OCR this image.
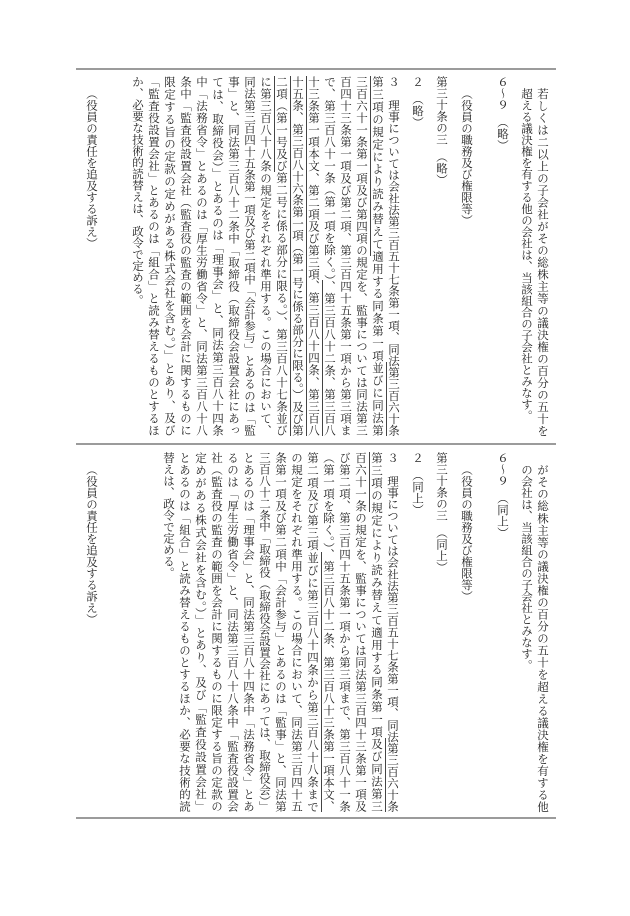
若しくは二以上の子会社がその総株主等の議決権の百分の五十を
超える議決権を有する他の会社は、当該組合の子会社とみなす。
６～９　（略）
（役員の職務及び権限等）
第三十条の三　（略）
２　（略）
３　理事については会社法第三百五十七条第一項、同法第三百六十条
第三項の規定により読み替えて適用する同条第一項並びに同法第
三百六十一条第一項及び第四項の規定を、監事については同法第三
百四十三条第一項及び第二項、第三百四十五条第一項から第三項ま
で、第三百八十一条（第一項を除く。）、第三百八十二条、第三百八
十三条第一項本文、第二項及び第三項、第三百八十四条、第三百八
十五条、第三百八十六条第一項（第一号に係る部分に限る。）及び第
二項（第一号及び第二号に係る部分に限る。）、第三百八十七条並び
に第三百八十八条の規定をそれぞれ準用する。この場合において、
同法第三百四十五条第一項及び第二項中「会計参与」とあるのは「監
事」と、同法第三百八十二条中「取締役（取締役会設置会社にあっ
ては、取締役会）」とあるのは「理事会」と、同法第三百八十四条
中「法務省令」とあるのは「厚生労働省令」と、同法第三百八十八
条中「監査役設置会社（監査役の監査の範囲を会計に関するものに
限定する旨の定款の定めがある株式会社を含む。）」とあり、及び
「監査役設置会社」とあるのは「組合」と読み替えるものとするほ
か、必要な技術的読替えは、政令で定める。
（役員の責任を追及する訴え）
がその総株主等の議決権の百分の五十を超える議決権を有する他
の会社は、当該組合の子会社とみなす。
６～９　（同上）
（役員の職務及び権限等）
第三十条の三　（同上）
２　（同上）
３　理事については会社法第三百五十七条第一項、同法第三百六十条
第三項の規定により読み替えて適用する同条第一項及び同法第三
百六十一条の規定を、監事については同法第三百四十三条第一項及
び第二項、第三百四十五条第一項から第三項まで、第三百八十一条
（第一項を除く。）、第三百八十二条、第三百八十三条第一項本文、
第二項及び第三項並びに第三百八十四条から第三百八十八条まで
の規定をそれぞれ準用する。この場合において、同法第三百四十五
条第一項及び第二項中「会計参与」とあるのは「監事」と、同法第
三百八十二条中「取締役（取締役会設置会社にあっては、取締役会）」
とあるのは「理事会」と、同法第三百八十四条中「法務省令」とあ
るのは「厚生労働省令」と、同法第三百八十八条中「監査役設置会
社（監査役の監査の範囲を会計に関するものに限定する旨の定款の
定めがある株式会社を含む。）」とあり、及び「監査役設置会社」
とあるのは「組合」と読み替えるものとするほか、必要な技術的読
替えは、政令で定める。
（役員の責任を追及する訴え）
